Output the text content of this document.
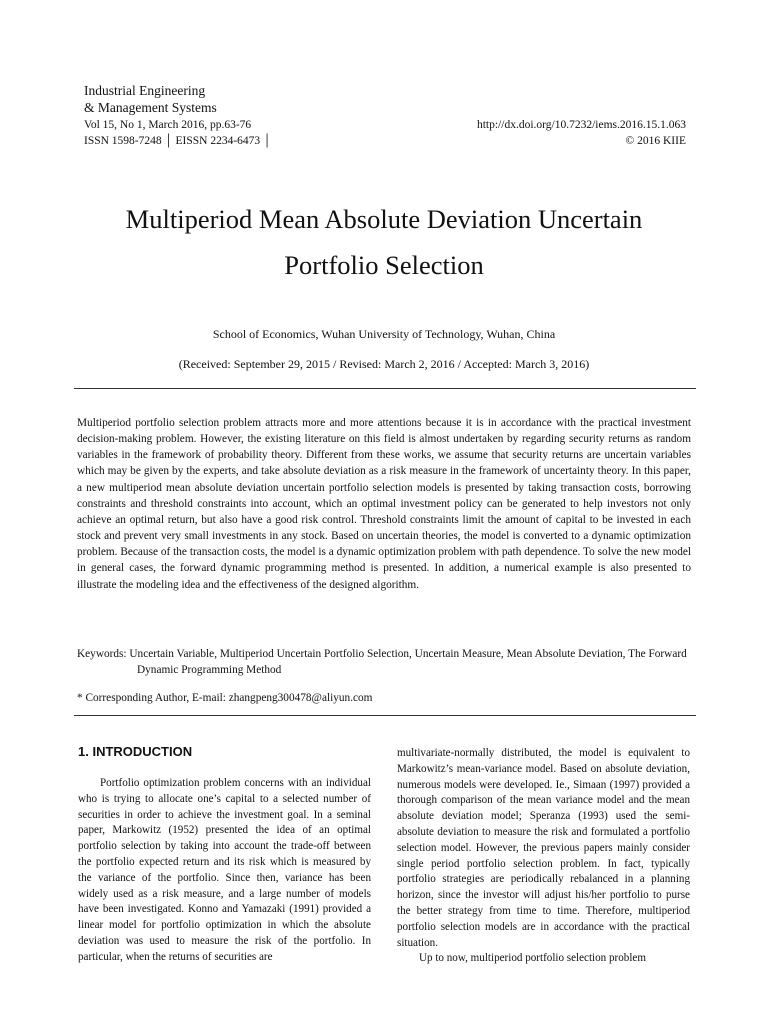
Industrial Engineering
& Management Systems
Vol 15, No 1, March 2016, pp.63-76
ISSN 1598-7248 │ EISSN 2234-6473 │
http://dx.doi.org/10.7232/iems.2016.15.1.063
© 2016 KIIE
Multiperiod Mean Absolute Deviation Uncertain
Portfolio Selection
School of Economics, Wuhan University of Technology, Wuhan, China
(Received: September 29, 2015 / Revised: March 2, 2016 / Accepted: March 3, 2016)
Multiperiod portfolio selection problem attracts more and more attentions because it is in accordance with the practical investment decision-making problem. However, the existing literature on this field is almost undertaken by regarding security returns as random variables in the framework of probability theory. Different from these works, we assume that security returns are uncertain variables which may be given by the experts, and take absolute deviation as a risk measure in the framework of uncertainty theory. In this paper, a new multiperiod mean absolute deviation uncertain portfolio selection models is presented by taking transaction costs, borrowing constraints and threshold constraints into account, which an optimal investment policy can be generated to help investors not only achieve an optimal return, but also have a good risk control. Threshold constraints limit the amount of capital to be invested in each stock and prevent very small investments in any stock. Based on uncertain theories, the model is converted to a dynamic optimization problem. Because of the transaction costs, the model is a dynamic optimization problem with path dependence. To solve the new model in general cases, the forward dynamic programming method is presented. In addition, a numerical example is also presented to illustrate the modeling idea and the effectiveness of the designed algorithm.
Keywords: Uncertain Variable, Multiperiod Uncertain Portfolio Selection, Uncertain Measure, Mean Absolute Deviation, The Forward Dynamic Programming Method
* Corresponding Author, E-mail: zhangpeng300478@aliyun.com
1. INTRODUCTION
Portfolio optimization problem concerns with an individual who is trying to allocate one’s capital to a selected number of securities in order to achieve the investment goal. In a seminal paper, Markowitz (1952) presented the idea of an optimal portfolio selection by taking into account the trade-off between the portfolio expected return and its risk which is measured by the variance of the portfolio. Since then, variance has been widely used as a risk measure, and a large number of models have been investigated. Konno and Yamazaki (1991) provided a linear model for portfolio optimization in which the absolute deviation was used to measure the risk of the portfolio. In particular, when the returns of securities are

multivariate-normally distributed, the model is equivalent to Markowitz’s mean-variance model. Based on absolute deviation, numerous models were developed. Ie., Simaan (1997) provided a thorough comparison of the mean variance model and the mean absolute deviation model; Speranza (1993) used the semi-absolute deviation to measure the risk and formulated a portfolio selection model. However, the previous papers mainly consider single period portfolio selection problem. In fact, typically portfolio strategies are periodically rebalanced in a planning horizon, since the investor will adjust his/her portfolio to purse the better strategy from time to time. Therefore, multiperiod portfolio selection models are in accordance with the practical situation.

Up to now, multiperiod portfolio selection problem
